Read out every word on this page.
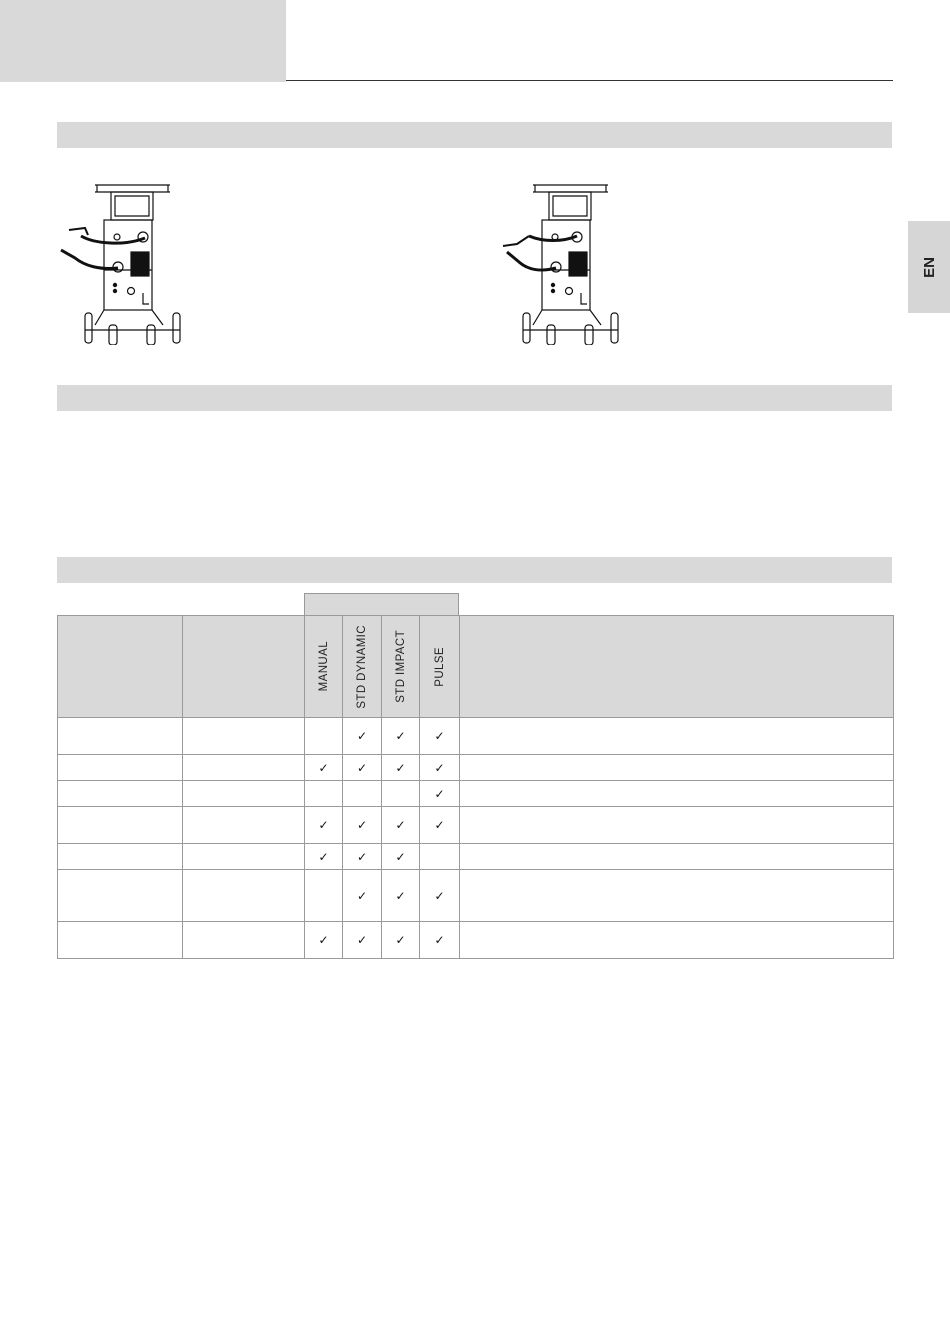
EN

		MANUAL	STD DYNAMIC	STD IMPACT	PULSE	

			✓	✓	✓	
		✓	✓	✓	✓	
					✓	
		✓	✓	✓	✓	
		✓	✓	✓		
			✓	✓	✓	
		✓	✓	✓	✓	
